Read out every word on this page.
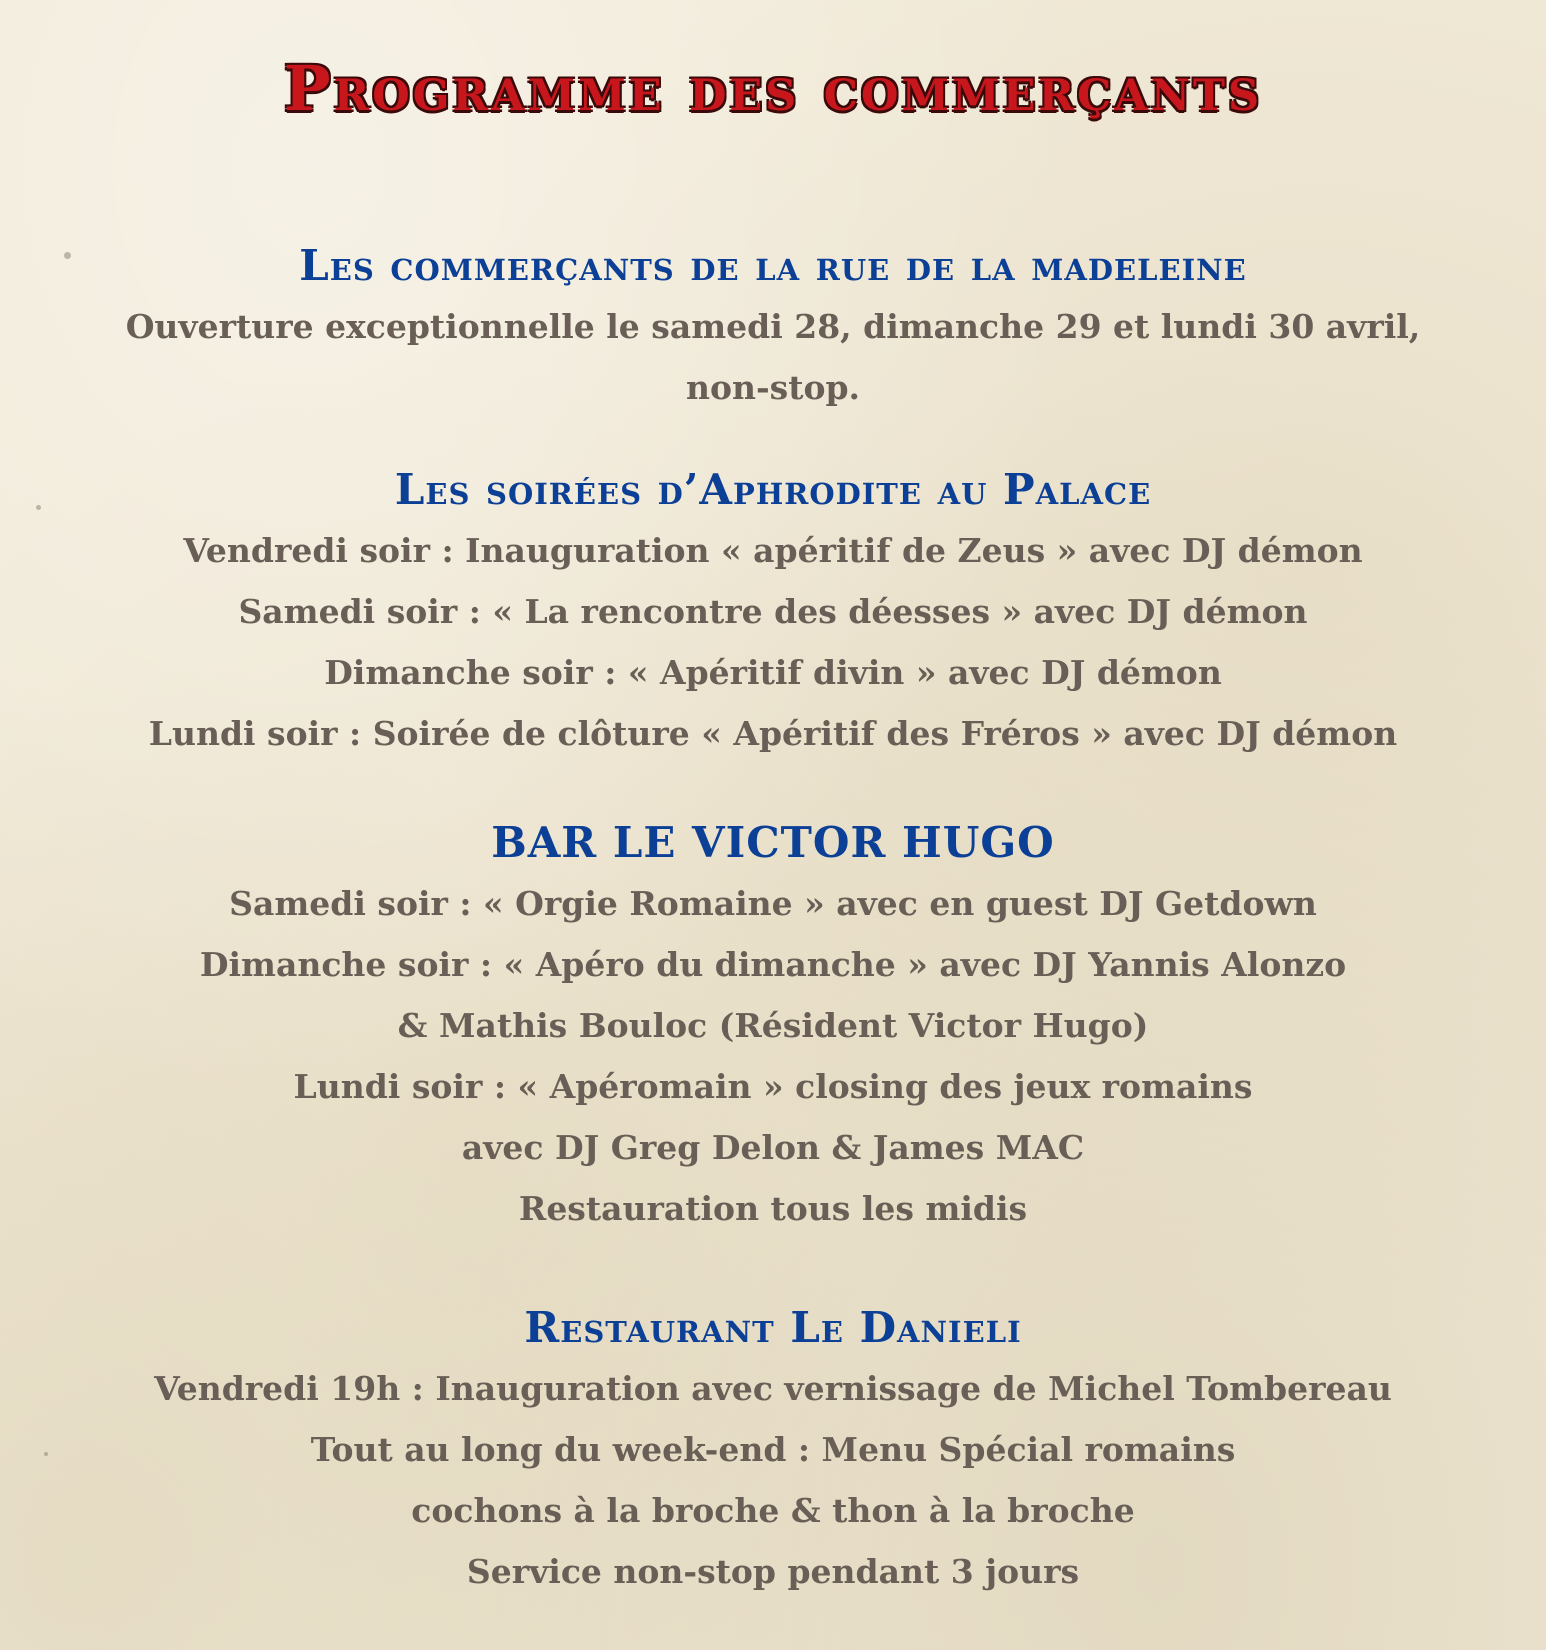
Programme des commerçants
Les commerçants de la rue de la madeleine

Ouverture exceptionnelle le samedi 28, dimanche 29 et lundi 30 avril,

non-stop.

Les soirées d’Aphrodite au Palace

Vendredi soir : Inauguration « apéritif de Zeus » avec DJ démon

Samedi soir : « La rencontre des déesses » avec DJ démon

Dimanche soir : « Apéritif divin » avec DJ démon

Lundi soir : Soirée de clôture « Apéritif des Fréros » avec DJ démon

BAR LE VICTOR HUGO

Samedi soir : « Orgie Romaine » avec en guest DJ Getdown

Dimanche soir : « Apéro du dimanche » avec DJ Yannis Alonzo

& Mathis Bouloc (Résident Victor Hugo)

Lundi soir : « Apéromain » closing des jeux romains

avec DJ Greg Delon & James MAC

Restauration tous les midis

Restaurant Le Danieli

Vendredi 19h : Inauguration avec vernissage de Michel Tombereau

Tout au long du week-end : Menu Spécial romains

cochons à la broche & thon à la broche

Service non-stop pendant 3 jours
